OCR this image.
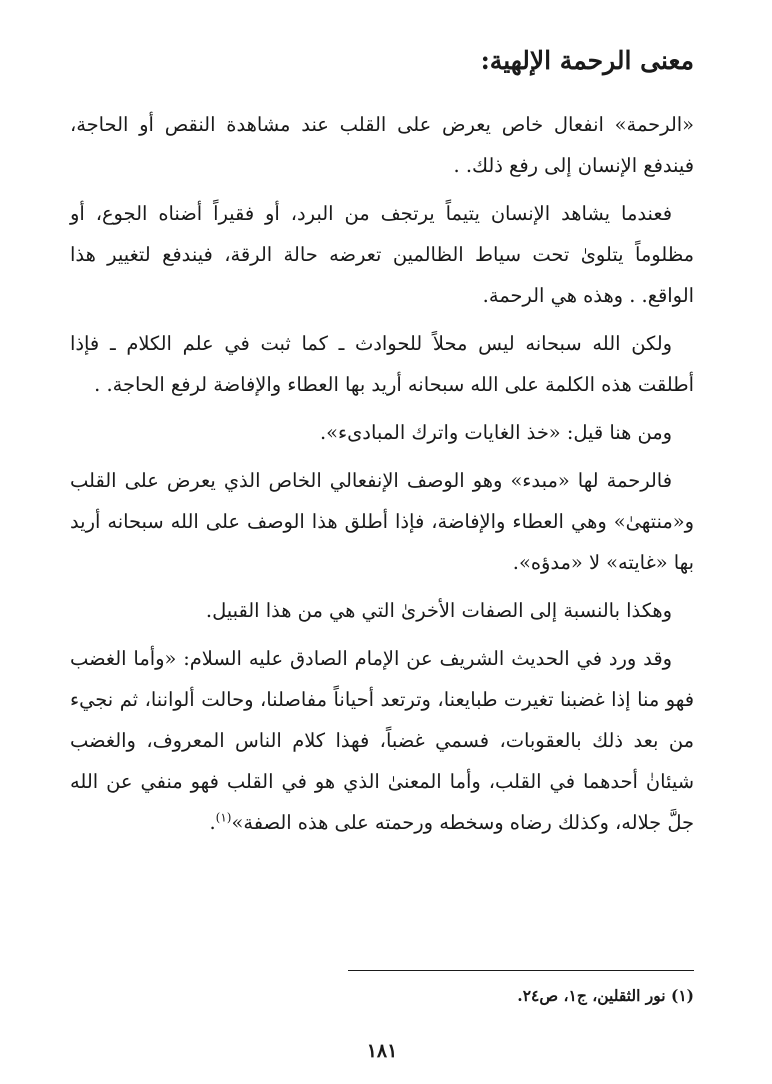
معنى الرحمة الإلهية:

«الرحمة» انفعال خاص يعرض على القلب عند مشاهدة النقص أو الحاجة، فيندفع الإنسان إلى رفع ذلك. .

فعندما يشاهد الإنسان يتيماً يرتجف من البرد، أو فقيراً أضناه الجوع، أو مظلوماً يتلوىٰ تحت سياط الظالمين تعرضه حالة الرقة، فيندفع لتغيير هذا الواقع. . وهذه هي الرحمة.

ولكن الله سبحانه ليس محلاً للحوادث ـ كما ثبت في علم الكلام ـ فإذا أطلقت هذه الكلمة على الله سبحانه أريد بها العطاء والإفاضة لرفع الحاجة. .

ومن هنا قيل: «خذ الغايات واترك المبادىء».

فالرحمة لها «مبدء» وهو الوصف الإنفعالي الخاص الذي يعرض على القلب و«منتهىٰ» وهي العطاء والإفاضة، فإذا أطلق هذا الوصف على الله سبحانه أريد بها «غايته» لا «مدؤه».

وهكذا بالنسبة إلى الصفات الأخرىٰ التي هي من هذا القبيل.

وقد ورد في الحديث الشريف عن الإمام الصادق عليه السلام: «وأما الغضب فهو منا إذا غضبنا تغيرت طبايعنا، وترتعد أحياناً مفاصلنا، وحالت ألواننا، ثم نجيء من بعد ذلك بالعقوبات، فسمي غضباً، فهذا كلام الناس المعروف، والغضب شيئانٰ أحدهما في القلب، وأما المعنىٰ الذي هو في القلب فهو منفي عن الله جلَّ جلاله، وكذلك رضاه وسخطه ورحمته على هذه الصفة»$^{(١)}$.

(١) نور الثقلين، ج١، ص٢٤.

١٨١
